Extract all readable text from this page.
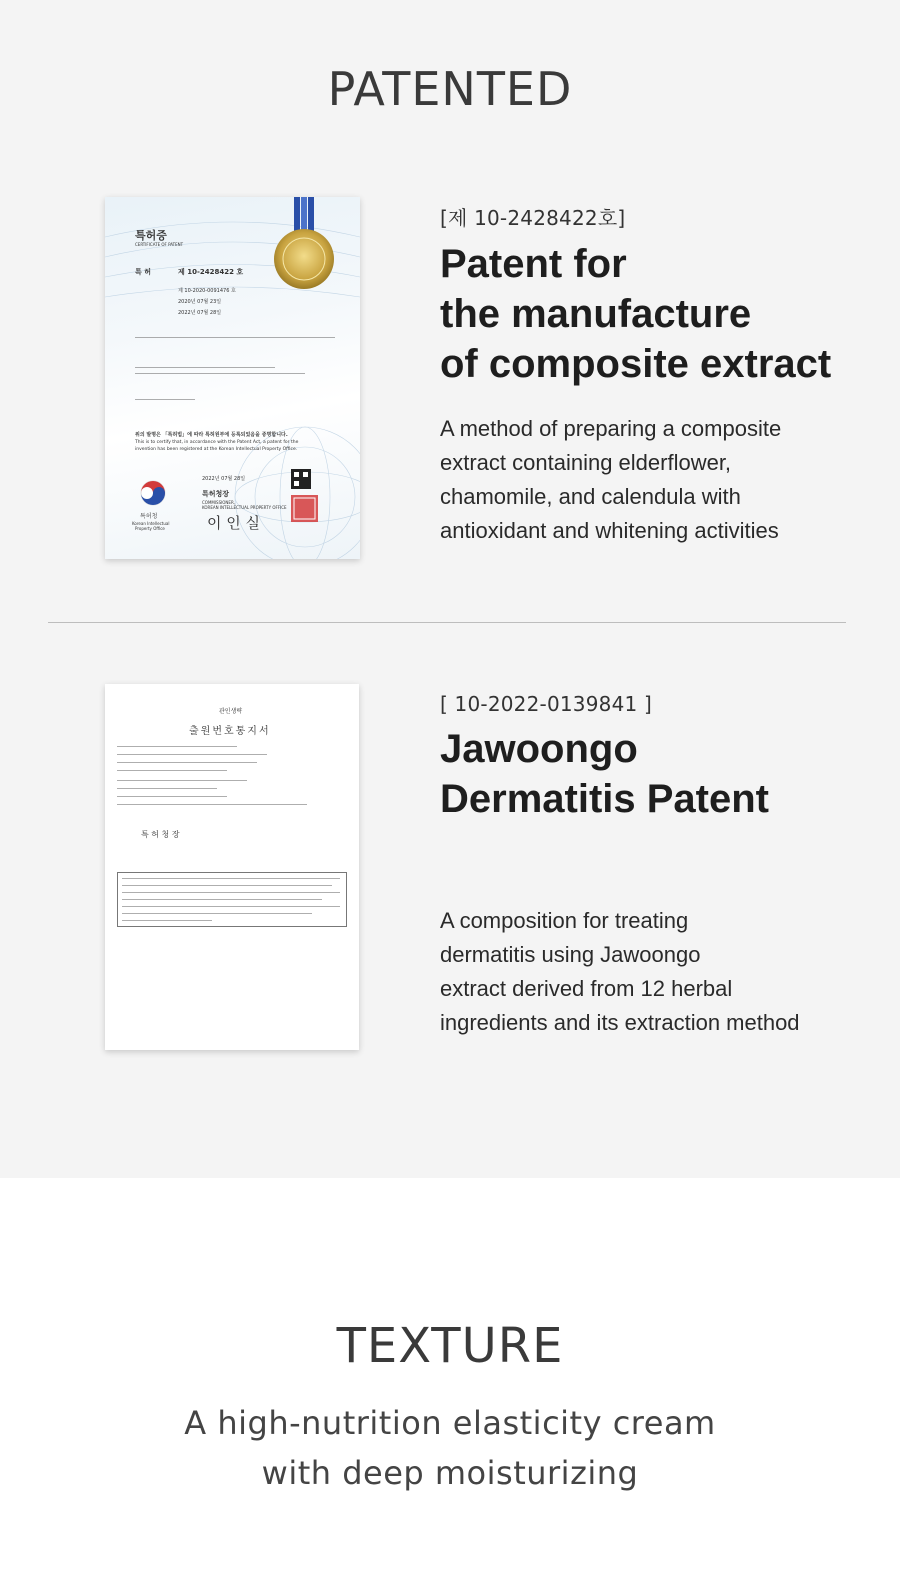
PATENTED
특허증
CERTIFICATE OF PATENT
특 허	제 10-2428422 호
제 10-2020-0091476 호
2020년 07월 23일
2022년 07월 28일
위의 발명은 「특허법」에 따라 특허원부에 등록되었음을 증명합니다.
This is to certify that, in accordance with the Patent Act, a patent for the
invention has been registered at the Korean Intellectual Property Office.
2022년 07월 28일
특허청장
COMMISSIONER,
KOREAN INTELLECTUAL PROPERTY OFFICE
이 인 실
특허청
Korean Intellectual
Property Office
[제 10-2428422호]
Patent for
the manufacture
of composite extract
A method of preparing a composite
extract containing elderflower,
chamomile, and calendula with
antioxidant and whitening activities
관인생략
출원번호통지서
특 허 청 장
[ 10-2022-0139841 ]
Jawoongo
Dermatitis Patent
A composition for treating
dermatitis using Jawoongo
extract derived from 12 herbal
ingredients and its extraction method
TEXTURE
A high-nutrition elasticity cream
with deep moisturizing
